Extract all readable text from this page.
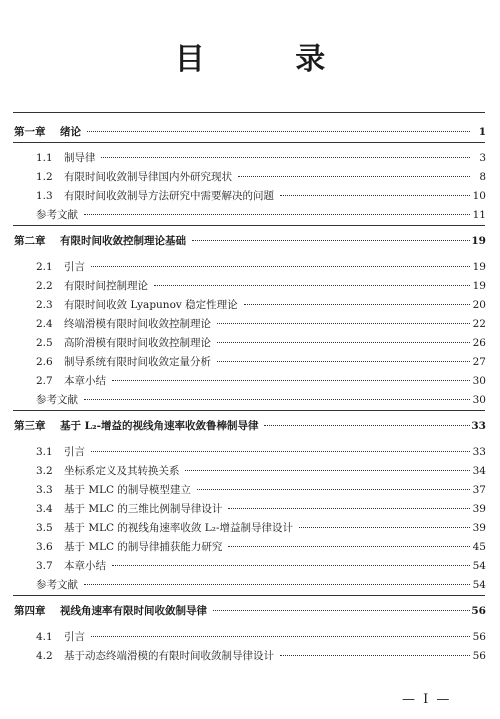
目 录
第一章 绪论	1
1.1 制导律	3
1.2 有限时间收敛制导律国内外研究现状	8
1.3 有限时间收敛制导方法研究中需要解决的问题	10
参考文献	11
第二章 有限时间收敛控制理论基础	19
2.1 引言	19
2.2 有限时间控制理论	19
2.3 有限时间收敛 Lyapunov 稳定性理论	20
2.4 终端滑模有限时间收敛控制理论	22
2.5 高阶滑模有限时间收敛控制理论	26
2.6 制导系统有限时间收敛定量分析	27
2.7 本章小结	30
参考文献	30
第三章 基于 L₂-增益的视线角速率收敛鲁棒制导律	33
3.1 引言	33
3.2 坐标系定义及其转换关系	34
3.3 基于 MLC 的制导模型建立	37
3.4 基于 MLC 的三维比例制导律设计	39
3.5 基于 MLC 的视线角速率收敛 L₂-增益制导律设计	39
3.6 基于 MLC 的制导律捕获能力研究	45
3.7 本章小结	54
参考文献	54
第四章 视线角速率有限时间收敛制导律	56
4.1 引言	56
4.2 基于动态终端滑模的有限时间收敛制导律设计	56
— I —
